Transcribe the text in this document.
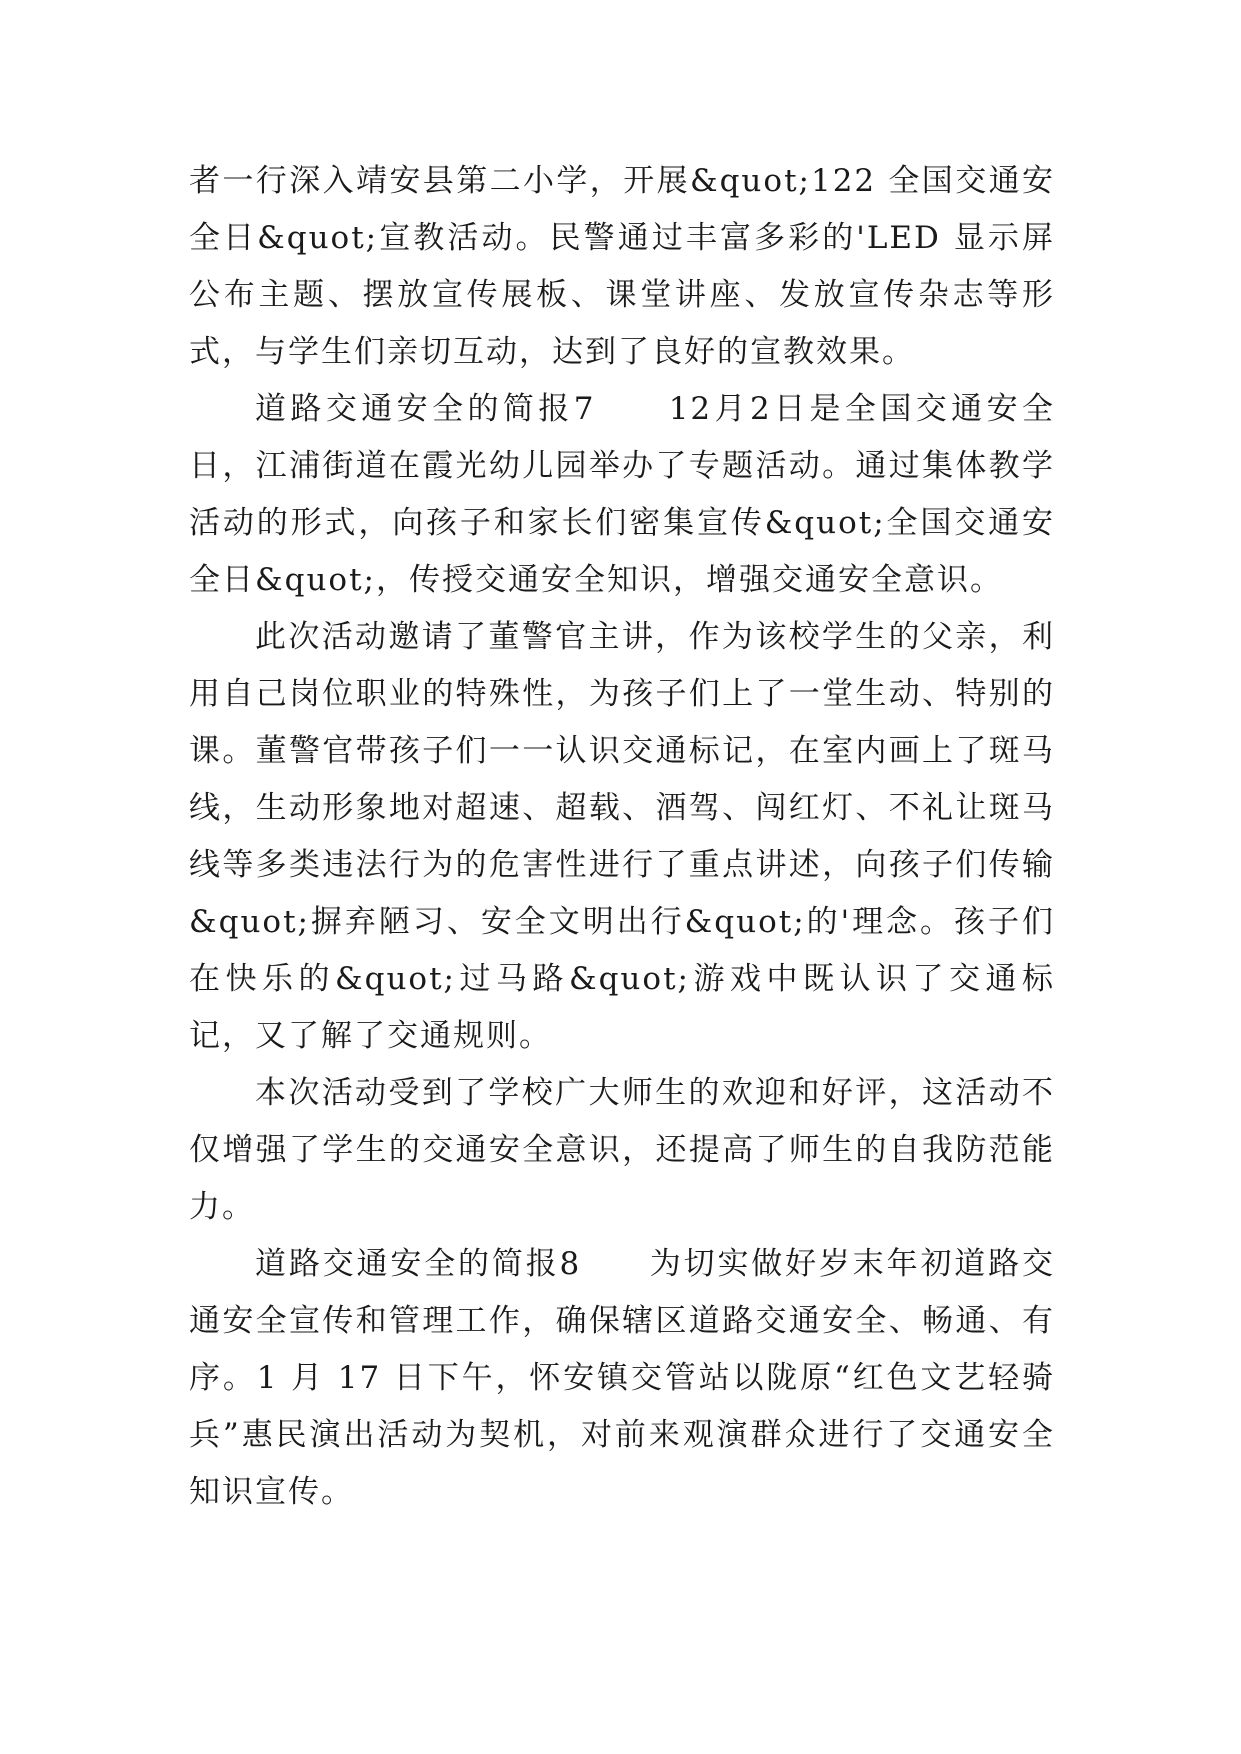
者一行深入靖安县第二小学，开展&quot;122 全国交通安全日&quot;宣教活动。民警通过丰富多彩的'LED 显示屏公布主题、摆放宣传展板、课堂讲座、发放宣传杂志等形式，与学生们亲切互动，达到了良好的宣教效果。

道路交通安全的简报7　　12月2日是全国交通安全日，江浦街道在霞光幼儿园举办了专题活动。通过集体教学活动的形式，向孩子和家长们密集宣传&quot;全国交通安全日&quot;，传授交通安全知识，增强交通安全意识。

此次活动邀请了董警官主讲，作为该校学生的父亲，利用自己岗位职业的特殊性，为孩子们上了一堂生动、特别的课。董警官带孩子们一一认识交通标记，在室内画上了斑马线，生动形象地对超速、超载、酒驾、闯红灯、不礼让斑马线等多类违法行为的危害性进行了重点讲述，向孩子们传输&quot;摒弃陋习、安全文明出行&quot;的'理念。孩子们在快乐的&quot;过马路&quot;游戏中既认识了交通标记，又了解了交通规则。

本次活动受到了学校广大师生的欢迎和好评，这活动不仅增强了学生的交通安全意识，还提高了师生的自我防范能力。

道路交通安全的简报8　　为切实做好岁末年初道路交通安全宣传和管理工作，确保辖区道路交通安全、畅通、有序。1 月 17 日下午，怀安镇交管站以陇原“红色文艺轻骑兵”惠民演出活动为契机，对前来观演群众进行了交通安全知识宣传。
